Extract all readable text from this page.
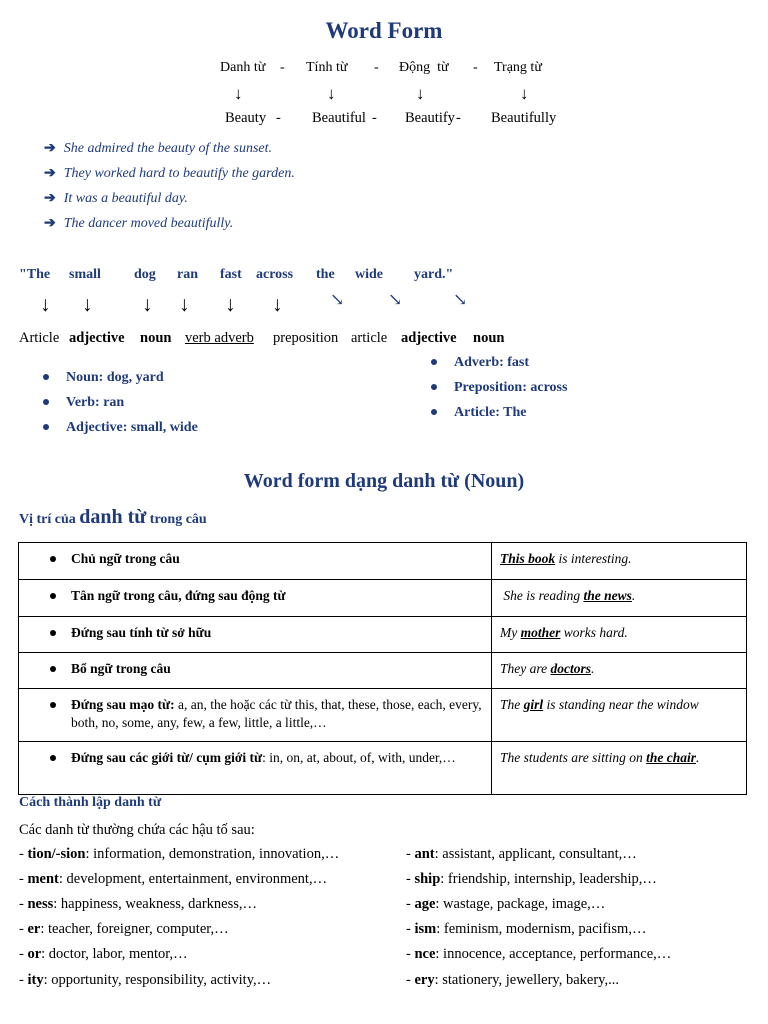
Word Form
Danh từ - Tính từ - Động  từ - Trạng từ
↓	↓	↓	↓
Beauty - Beautiful - Beautify - Beautifully
➔ She admired the beauty of the sunset.
➔ They worked hard to beautify the garden.
➔ It was a beautiful day.
➔ The dancer moved beautifully.
"The small dog ran fast across the wide yard."
↓ ↓ ↓ ↓ ↓ ↓	↘	↘	↘
Article adjective noun verb adverb preposition article adjective noun
Noun: dog, yard
Verb: ran
Adjective: small, wide
Adverb: fast
Preposition: across
Article: The
Word form dạng danh từ (Noun)
Vị trí của danh từ trong câu
Chủ ngữ trong câu	This book is interesting.

Tân ngữ trong câu, đứng sau động từ	She is reading the news.

Đứng sau tính từ sở hữu	My mother works hard.

Bổ ngữ trong câu	They are doctors.

Đứng sau mạo từ: a, an, the hoặc các từ this, that, these, those, each, every, both, no, some, any, few, a few, little, a little,…	The girl is standing near the window

Đứng sau các giới từ/ cụm giới từ: in, on, at, about, of, with, under,…	The students are sitting on the chair.
Cách thành lập danh từ
Các danh từ thường chứa các hậu tố sau:
- tion/-sion: information, demonstration, innovation,…
- ment: development, entertainment, environment,…
- ness: happiness, weakness, darkness,…
- er: teacher, foreigner, computer,…
- or: doctor, labor, mentor,…
- ity: opportunity, responsibility, activity,…
- ant: assistant, applicant, consultant,…
- ship: friendship, internship, leadership,…
- age: wastage, package, image,…
- ism: feminism, modernism, pacifism,…
- nce: innocence, acceptance, performance,…
- ery: stationery, jewellery, bakery,...
